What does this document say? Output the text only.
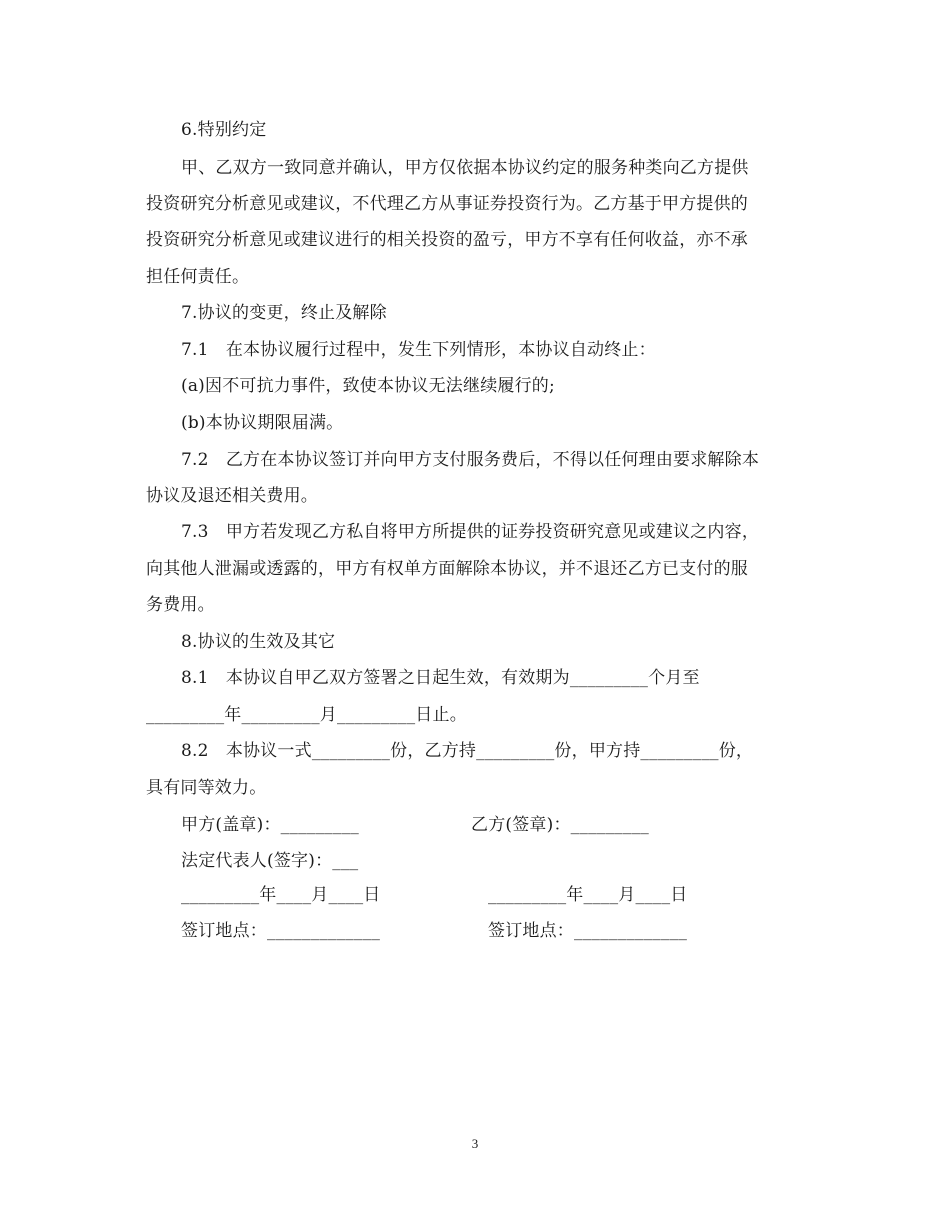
6.特别约定
甲、乙双方一致同意并确认，甲方仅依据本协议约定的服务种类向乙方提供
投资研究分析意见或建议，不代理乙方从事证券投资行为。乙方基于甲方提供的
投资研究分析意见或建议进行的相关投资的盈亏，甲方不享有任何收益，亦不承
担任何责任。
7.协议的变更，终止及解除
7.1　在本协议履行过程中，发生下列情形，本协议自动终止：
(a)因不可抗力事件，致使本协议无法继续履行的;
(b)本协议期限届满。
7.2　乙方在本协议签订并向甲方支付服务费后，不得以任何理由要求解除本
协议及退还相关费用。
7.3　甲方若发现乙方私自将甲方所提供的证券投资研究意见或建议之内容，
向其他人泄漏或透露的，甲方有权单方面解除本协议，并不退还乙方已支付的服
务费用。
8.协议的生效及其它
8.1　本协议自甲乙双方签署之日起生效，有效期为_________个月至
_________年_________月_________日止。
8.2　本协议一式_________份，乙方持_________份，甲方持_________份，
具有同等效力。
甲方(盖章)：_________	乙方(签章)：_________
法定代表人(签字)：___
_________年____月____日	_________年____月____日
签订地点：_____________	签订地点：_____________
3
